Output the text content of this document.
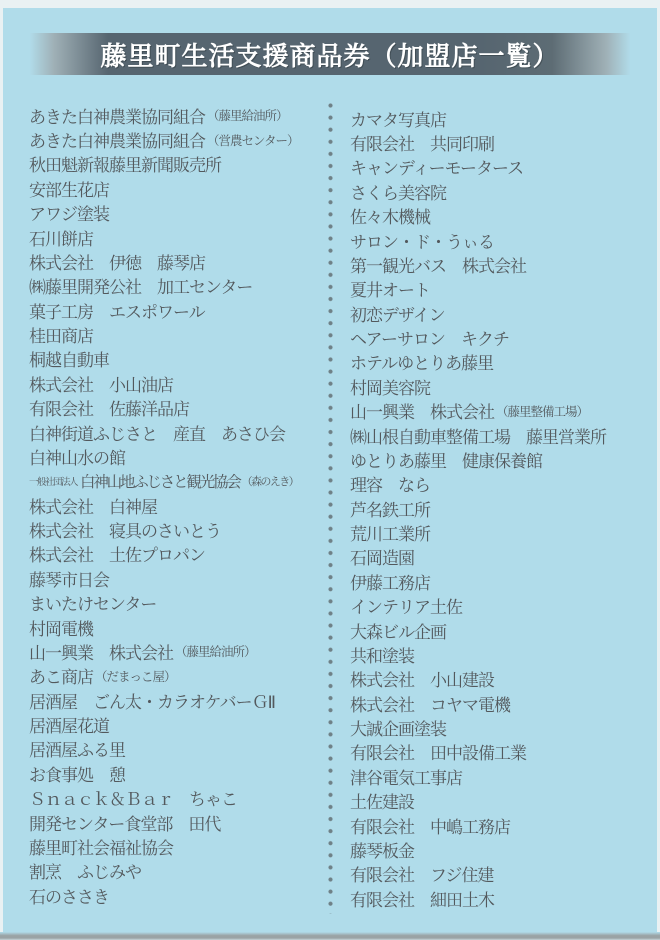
藤里町生活支援商品券（加盟店一覧）
あきた白神農業協同組合 （藤里給油所）
あきた白神農業協同組合 （営農センター）
秋田魁新報藤里新聞販売所
安部生花店
アワジ塗装
石川餅店
株式会社　伊徳　藤琴店
㈱藤里開発公社　加工センター
菓子工房　エスポワール
桂田商店
桐越自動車
株式会社　小山油店
有限会社　佐藤洋品店
白神街道ふじさと　産直　あさひ会
白神山水の館
一般社団法人 白神山地ふじさと観光協会 （森のえき）
株式会社　白神屋
株式会社　寝具のさいとう
株式会社　土佐プロパン
藤琴市日会
まいたけセンター
村岡電機
山一興業　株式会社 （藤里給油所）
あこ商店 （だまっこ屋）
居酒屋　ごん太・カラオケバーＧⅡ
居酒屋花道
居酒屋ふる里
お食事処　憩
Ｓｎａｃｋ＆Ｂａｒ　ちゃこ
開発センター食堂部　田代
藤里町社会福祉協会
割烹　ふじみや
石のささき
カマタ写真店
有限会社　共同印刷
キャンディーモータース
さくら美容院
佐々木機械
サロン・ド・うぃる
第一観光バス　株式会社
夏井オート
初恋デザイン
ヘアーサロン　キクチ
ホテルゆとりあ藤里
村岡美容院
山一興業　株式会社 （藤里整備工場）
㈱山根自動車整備工場　藤里営業所
ゆとりあ藤里　健康保養館
理容　なら
芦名鉄工所
荒川工業所
石岡造園
伊藤工務店
インテリア土佐
大森ビル企画
共和塗装
株式会社　小山建設
株式会社　コヤマ電機
大誠企画塗装
有限会社　田中設備工業
津谷電気工事店
土佐建設
有限会社　中嶋工務店
藤琴板金
有限会社　フジ住建
有限会社　細田土木
